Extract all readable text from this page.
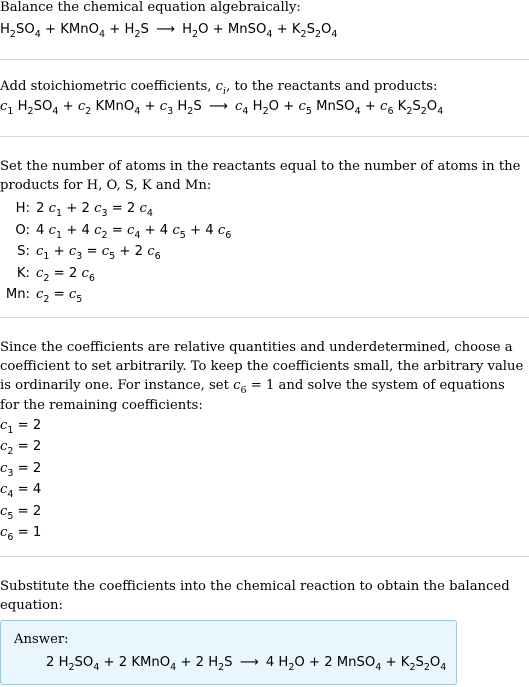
Balance the chemical equation algebraically:
$H_2SO_4$ + KMnO$_4$ + $H_2S$ ⟶ $H_2O$ + MnSO$_4$ + $K_2S_2O_4$
Add stoichiometric coefficients, $c_i$, to the reactants and products:
$c_1$ $H_2SO_4 + c_2$ KMnO$_4$ + $c_3$ $H_2S$ ⟶ $c_4$ $H_2O + c_5$ MnSO$_4$ + $c_6$ $K_2S_2O_4$
Set the number of atoms in the reactants equal to the number of atoms in the products for H, O, S, K and Mn:
H: 2 $c_1 + 2$ $c_3 = 2$ $c_4$
O: 4 $c_1 + 4$ $c_2 = c_4 + 4$ $c_5 + 4$ $c_6$
S: $c_1 + c_3 = c_5 + 2$ $c_6$
K: $c_2 = 2$ $c_6$
Mn: $c_2 = c_5$
Since the coefficients are relative quantities and underdetermined, choose a coefficient to set arbitrarily. To keep the coefficients small, the arbitrary value is ordinarily one. For instance, set $c_6 = 1$ and solve the system of equations for the remaining coefficients:
$c_1 = 2$
$c_2 = 2$
$c_3 = 2$
$c_4 = 4$
$c_5 = 2$
$c_6 = 1$
Substitute the coefficients into the chemical reaction to obtain the balanced equation:
Answer:
2 $H_2SO_4 + 2$ KMnO$_4$ + 2 $H_2S$ ⟶ 4 $H_2O + 2$ MnSO$_4$ + $K_2S_2O_4$
